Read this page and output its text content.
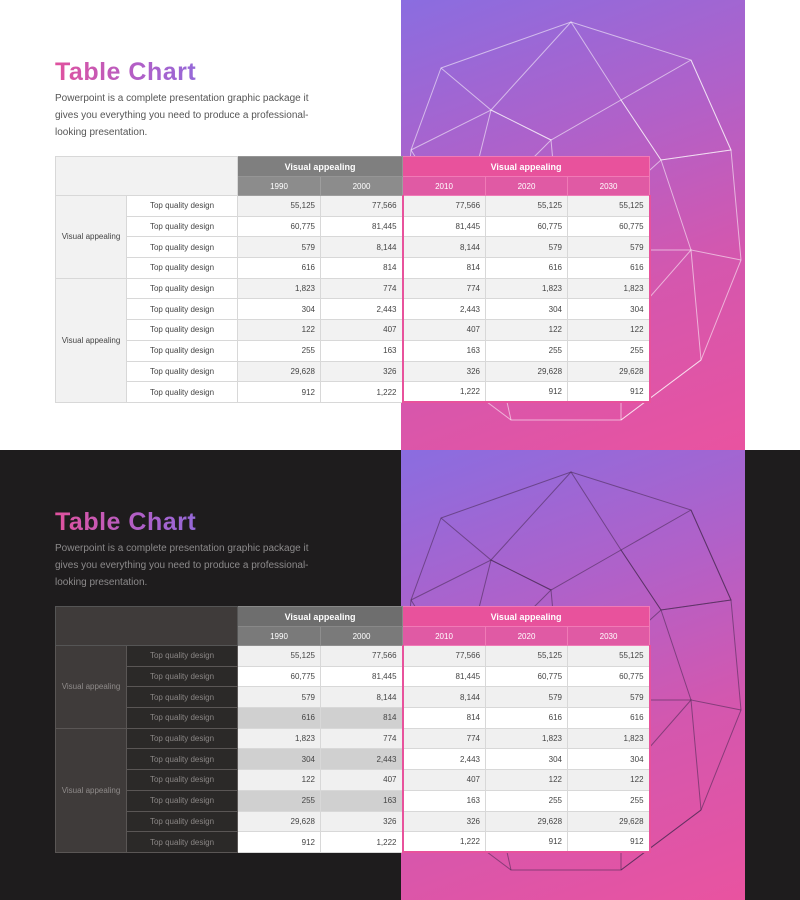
Table Chart
Powerpoint is a complete presentation graphic package it gives you everything you need to produce a professional-looking presentation.
		Visual appealing		Visual appealing		
		1990	2000	2010	2020	2030
Visual appealing	Top quality design	55,125	77,566	77,566	55,125	55,125
	Top quality design	60,775	81,445	81,445	60,775	60,775
	Top quality design	579	8,144	8,144	579	579
	Top quality design	616	814	814	616	616
Visual appealing	Top quality design	1,823	774	774	1,823	1,823
	Top quality design	304	2,443	2,443	304	304
	Top quality design	122	407	407	122	122
	Top quality design	255	163	163	255	255
	Top quality design	29,628	326	326	29,628	29,628
	Top quality design	912	1,222	1,222	912	912
Table Chart
Powerpoint is a complete presentation graphic package it gives you everything you need to produce a professional-looking presentation.
		Visual appealing		Visual appealing		
		1990	2000	2010	2020	2030
Visual appealing	Top quality design	55,125	77,566	77,566	55,125	55,125
	Top quality design	60,775	81,445	81,445	60,775	60,775
	Top quality design	579	8,144	8,144	579	579
	Top quality design	616	814	814	616	616
Visual appealing	Top quality design	1,823	774	774	1,823	1,823
	Top quality design	304	2,443	2,443	304	304
	Top quality design	122	407	407	122	122
	Top quality design	255	163	163	255	255
	Top quality design	29,628	326	326	29,628	29,628
	Top quality design	912	1,222	1,222	912	912
